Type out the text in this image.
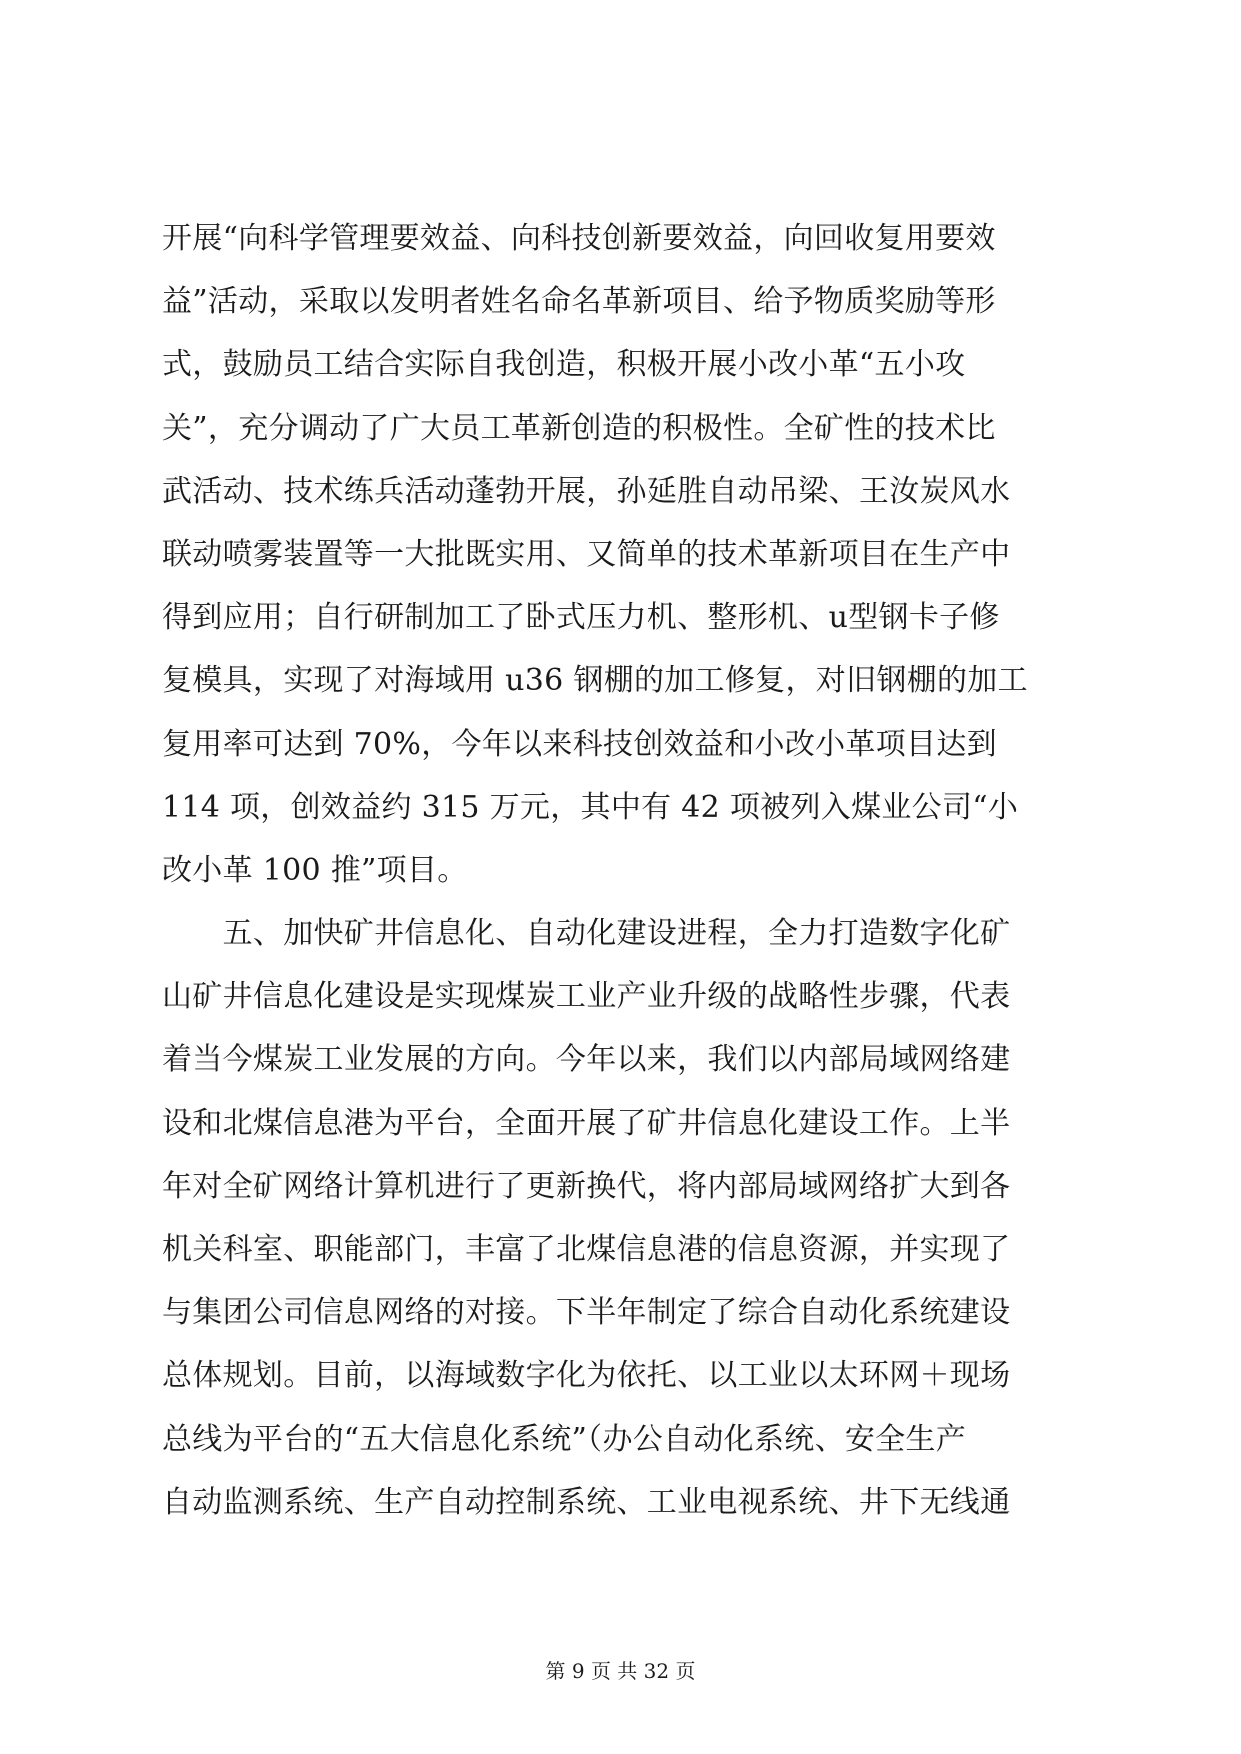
开展“向科学管理要效益、向科技创新要效益，向回收复用要效
益”活动，采取以发明者姓名命名革新项目、给予物质奖励等形
式，鼓励员工结合实际自我创造，积极开展小改小革“五小攻
关”，充分调动了广大员工革新创造的积极性。全矿性的技术比
武活动、技术练兵活动蓬勃开展，孙延胜自动吊梁、王汝炭风水
联动喷雾装置等一大批既实用、又简单的技术革新项目在生产中
得到应用；自行研制加工了卧式压力机、整形机、u型钢卡子修
复模具，实现了对海域用 u36 钢棚的加工修复，对旧钢棚的加工
复用率可达到 70%，今年以来科技创效益和小改小革项目达到
114 项，创效益约 315 万元，其中有 42 项被列入煤业公司“小
改小革 100 推”项目。
　　五、加快矿井信息化、自动化建设进程，全力打造数字化矿
山矿井信息化建设是实现煤炭工业产业升级的战略性步骤，代表
着当今煤炭工业发展的方向。今年以来，我们以内部局域网络建
设和北煤信息港为平台，全面开展了矿井信息化建设工作。上半
年对全矿网络计算机进行了更新换代，将内部局域网络扩大到各
机关科室、职能部门，丰富了北煤信息港的信息资源，并实现了
与集团公司信息网络的对接。下半年制定了综合自动化系统建设
总体规划。目前，以海域数字化为依托、以工业以太环网＋现场
总线为平台的“五大信息化系统”（办公自动化系统、安全生产
自动监测系统、生产自动控制系统、工业电视系统、井下无线通
第 9 页 共 32 页
